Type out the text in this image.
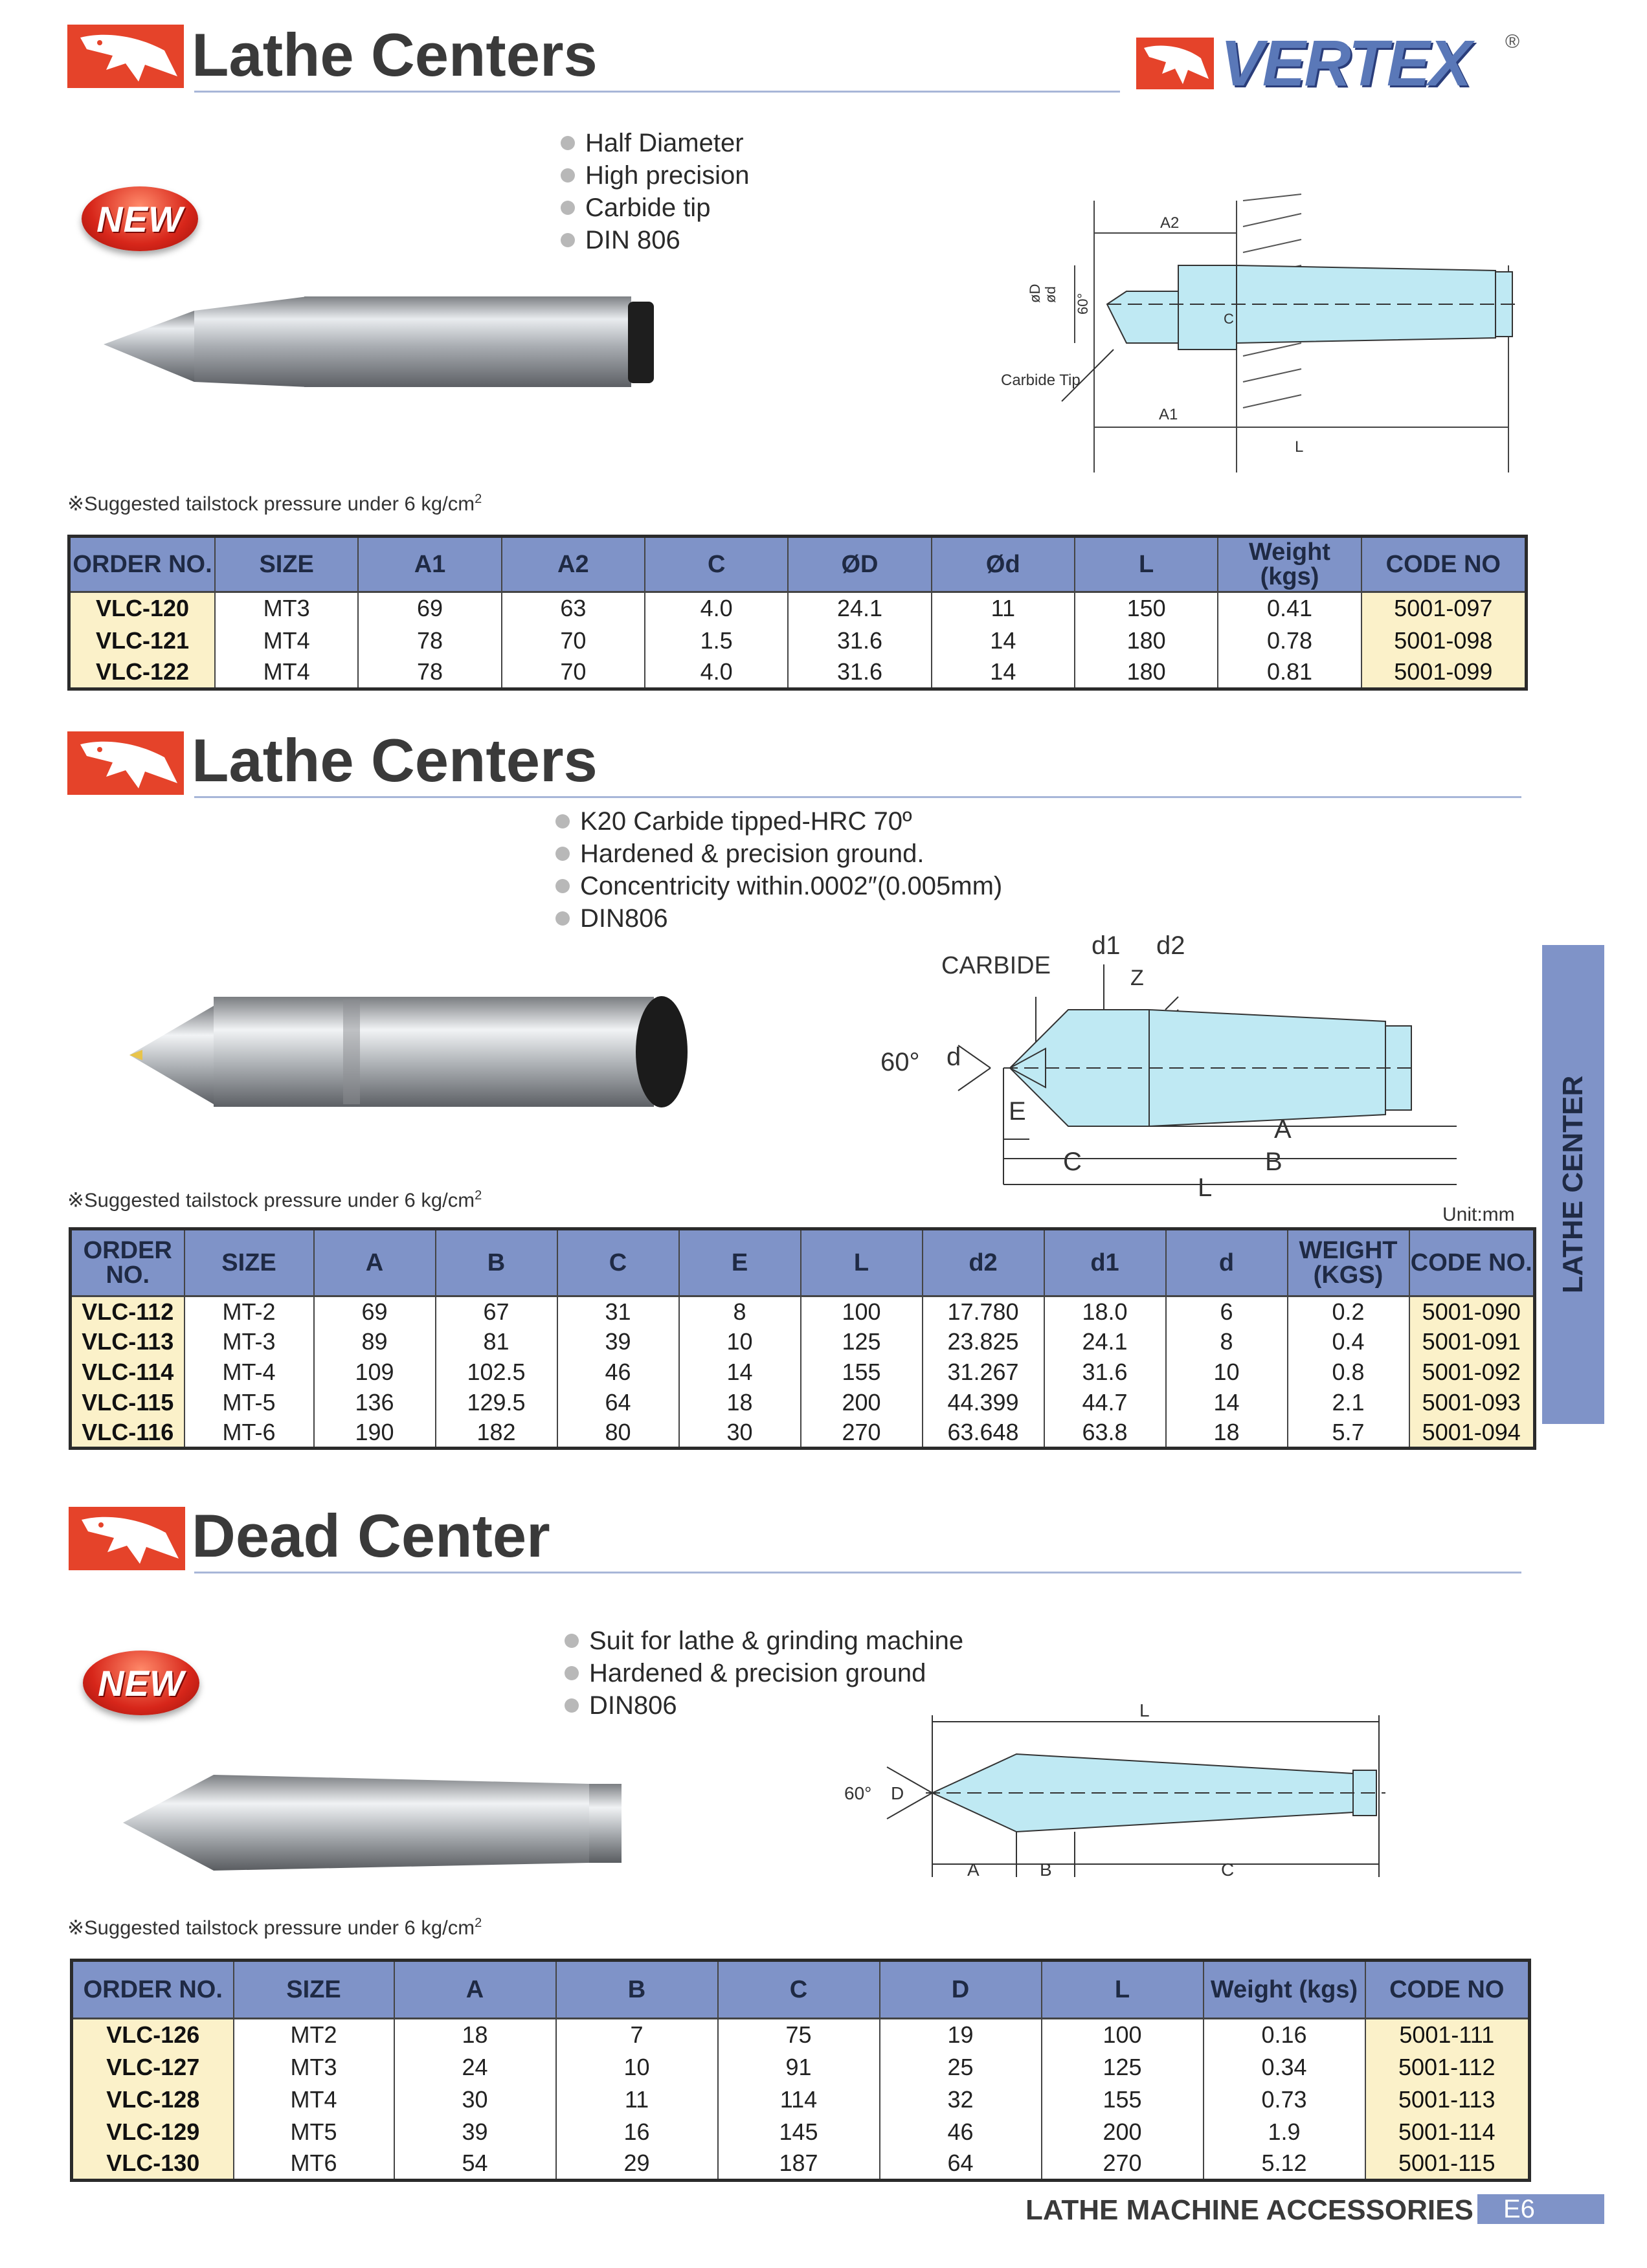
Lathe Centers	VERTEX ®
NEW
Half Diameter
High precision
Carbide tip
DIN 806
A2
øD ød 60°
C
Carbide Tip
A1
L
※Suggested tailstock pressure under 6 $kg/cm^2$
ORDER NO.	SIZE	A1	A2	C	ØD	Ød	L	Weight (kgs)	CODE NO
VLC-120	MT3	69	63	4.0	24.1	11	150	0.41	5001-097
VLC-121	MT4	78	70	1.5	31.6	14	180	0.78	5001-098
VLC-122	MT4	78	70	4.0	31.6	14	180	0.81	5001-099
Lathe Centers
K20 Carbide tipped-HRC 70º
Hardened & precision ground.
Concentricity within.0002″(0.005mm)
DIN806
d1 d2
CARBIDE	Z
60° d
E
A
C	B
L
※Suggested tailstock pressure under 6 $kg/cm^2$
Unit:mm
ORDER NO.	SIZE	A	B	C	E	L	d2	d1	d	WEIGHT (KGS)	CODE NO.
VLC-112	MT-2	69	67	31	8	100	17.780	18.0	6	0.2	5001-090
VLC-113	MT-3	89	81	39	10	125	23.825	24.1	8	0.4	5001-091
VLC-114	MT-4	109	102.5	46	14	155	31.267	31.6	10	0.8	5001-092
VLC-115	MT-5	136	129.5	64	18	200	44.399	44.7	14	2.1	5001-093
VLC-116	MT-6	190	182	80	30	270	63.648	63.8	18	5.7	5001-094
LATHE CENTER
Dead Center
NEW
Suit for lathe & grinding machine
Hardened & precision ground
DIN806	L
60° D
A	B	C
※Suggested tailstock pressure under 6 $kg/cm^2$
ORDER NO.	SIZE	A	B	C	D	L	Weight (kgs)	CODE NO
VLC-126	MT2	18	7	75	19	100	0.16	5001-111
VLC-127	MT3	24	10	91	25	125	0.34	5001-112
VLC-128	MT4	30	11	114	32	155	0.73	5001-113
VLC-129	MT5	39	16	145	46	200	1.9	5001-114
VLC-130	MT6	54	29	187	64	270	5.12	5001-115
LATHE MACHINE ACCESSORIES	E6
